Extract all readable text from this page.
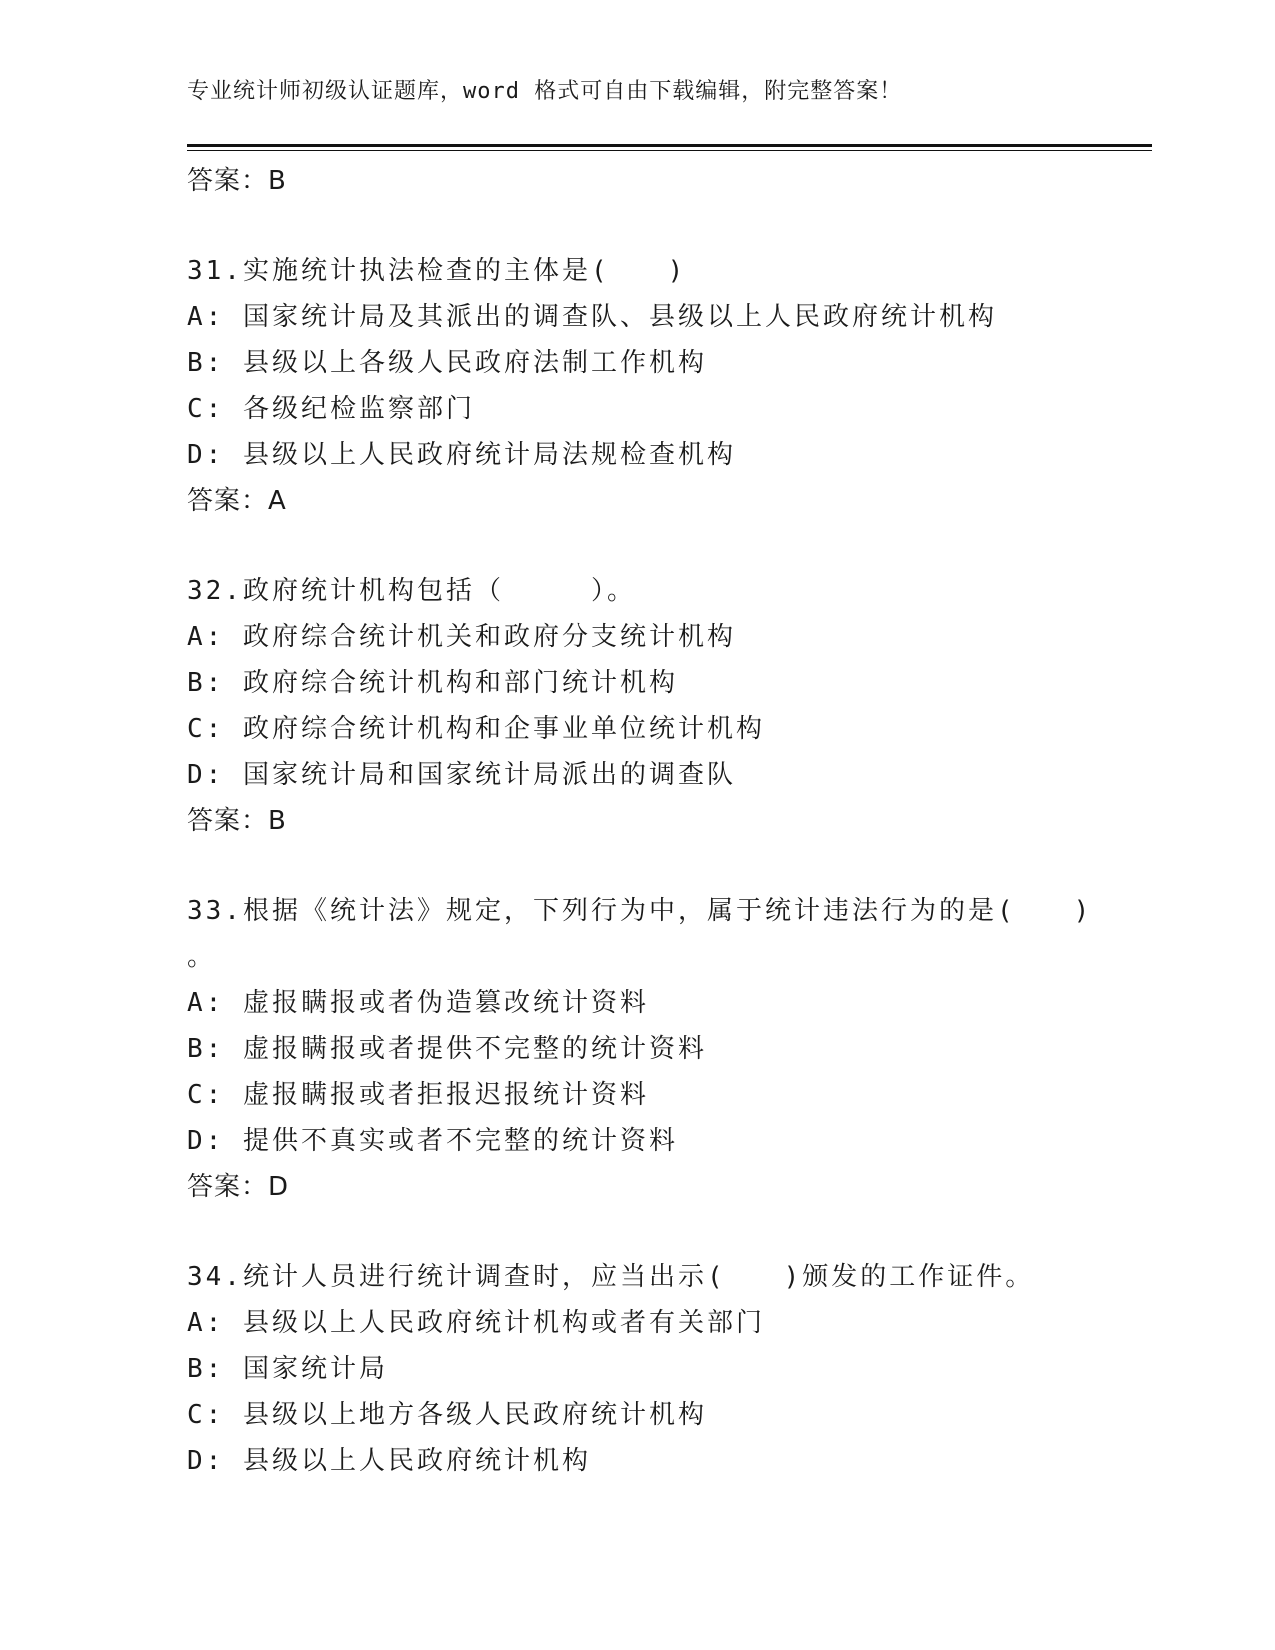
专业统计师初级认证题库，word 格式可自由下载编辑，附完整答案！
答案：B
31.实施统计执法检查的主体是(　　)
A: 国家统计局及其派出的调查队、县级以上人民政府统计机构
B: 县级以上各级人民政府法制工作机构
C: 各级纪检监察部门
D: 县级以上人民政府统计局法规检查机构
答案：A
32.政府统计机构包括（　　　）。
A: 政府综合统计机关和政府分支统计机构
B: 政府综合统计机构和部门统计机构
C: 政府综合统计机构和企事业单位统计机构
D: 国家统计局和国家统计局派出的调查队
答案：B
33.根据《统计法》规定，下列行为中，属于统计违法行为的是(　　)
。
A: 虚报瞒报或者伪造篡改统计资料
B: 虚报瞒报或者提供不完整的统计资料
C: 虚报瞒报或者拒报迟报统计资料
D: 提供不真实或者不完整的统计资料
答案：D
34.统计人员进行统计调查时，应当出示(　　)颁发的工作证件。
A: 县级以上人民政府统计机构或者有关部门
B: 国家统计局
C: 县级以上地方各级人民政府统计机构
D: 县级以上人民政府统计机构
